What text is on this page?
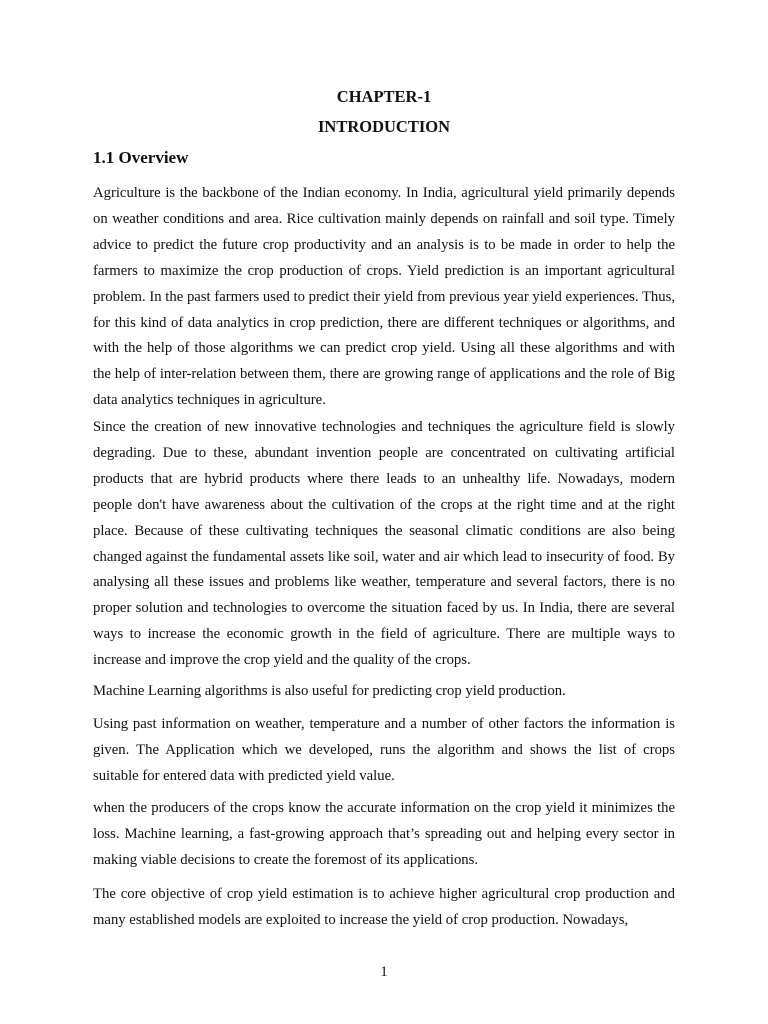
CHAPTER-1
INTRODUCTION
1.1 Overview

Agriculture is the backbone of the Indian economy. In India, agricultural yield primarily depends on weather conditions and area. Rice cultivation mainly depends on rainfall and soil type. Timely advice to predict the future crop productivity and an analysis is to be made in order to help the farmers to maximize the crop production of crops. Yield prediction is an important agricultural problem. In the past farmers used to predict their yield from previous year yield experiences. Thus, for this kind of data analytics in crop prediction, there are different techniques or algorithms, and with the help of those algorithms we can predict crop yield. Using all these algorithms and with the help of inter-relation between them, there are growing range of applications and the role of Big data analytics techniques in agriculture.

Since the creation of new innovative technologies and techniques the agriculture field is slowly degrading. Due to these, abundant invention people are concentrated on cultivating artificial products that are hybrid products where there leads to an unhealthy life. Nowadays, modern people don't have awareness about the cultivation of the crops at the right time and at the right place. Because of these cultivating techniques the seasonal climatic conditions are also being changed against the fundamental assets like soil, water and air which lead to insecurity of food. By analysing all these issues and problems like weather, temperature and several factors, there is no proper solution and technologies to overcome the situation faced by us. In India, there are several ways to increase the economic growth in the field of agriculture. There are multiple ways to increase and improve the crop yield and the quality of the crops.

Machine Learning algorithms is also useful for predicting crop yield production.

Using past information on weather, temperature and a number of other factors the information is given. The Application which we developed, runs the algorithm and shows the list of crops suitable for entered data with predicted yield value.

when the producers of the crops know the accurate information on the crop yield it minimizes the loss. Machine learning, a fast-growing approach that’s spreading out and helping every sector in making viable decisions to create the foremost of its applications.

The core objective of crop yield estimation is to achieve higher agricultural crop production and many established models are exploited to increase the yield of crop production. Nowadays,

1
